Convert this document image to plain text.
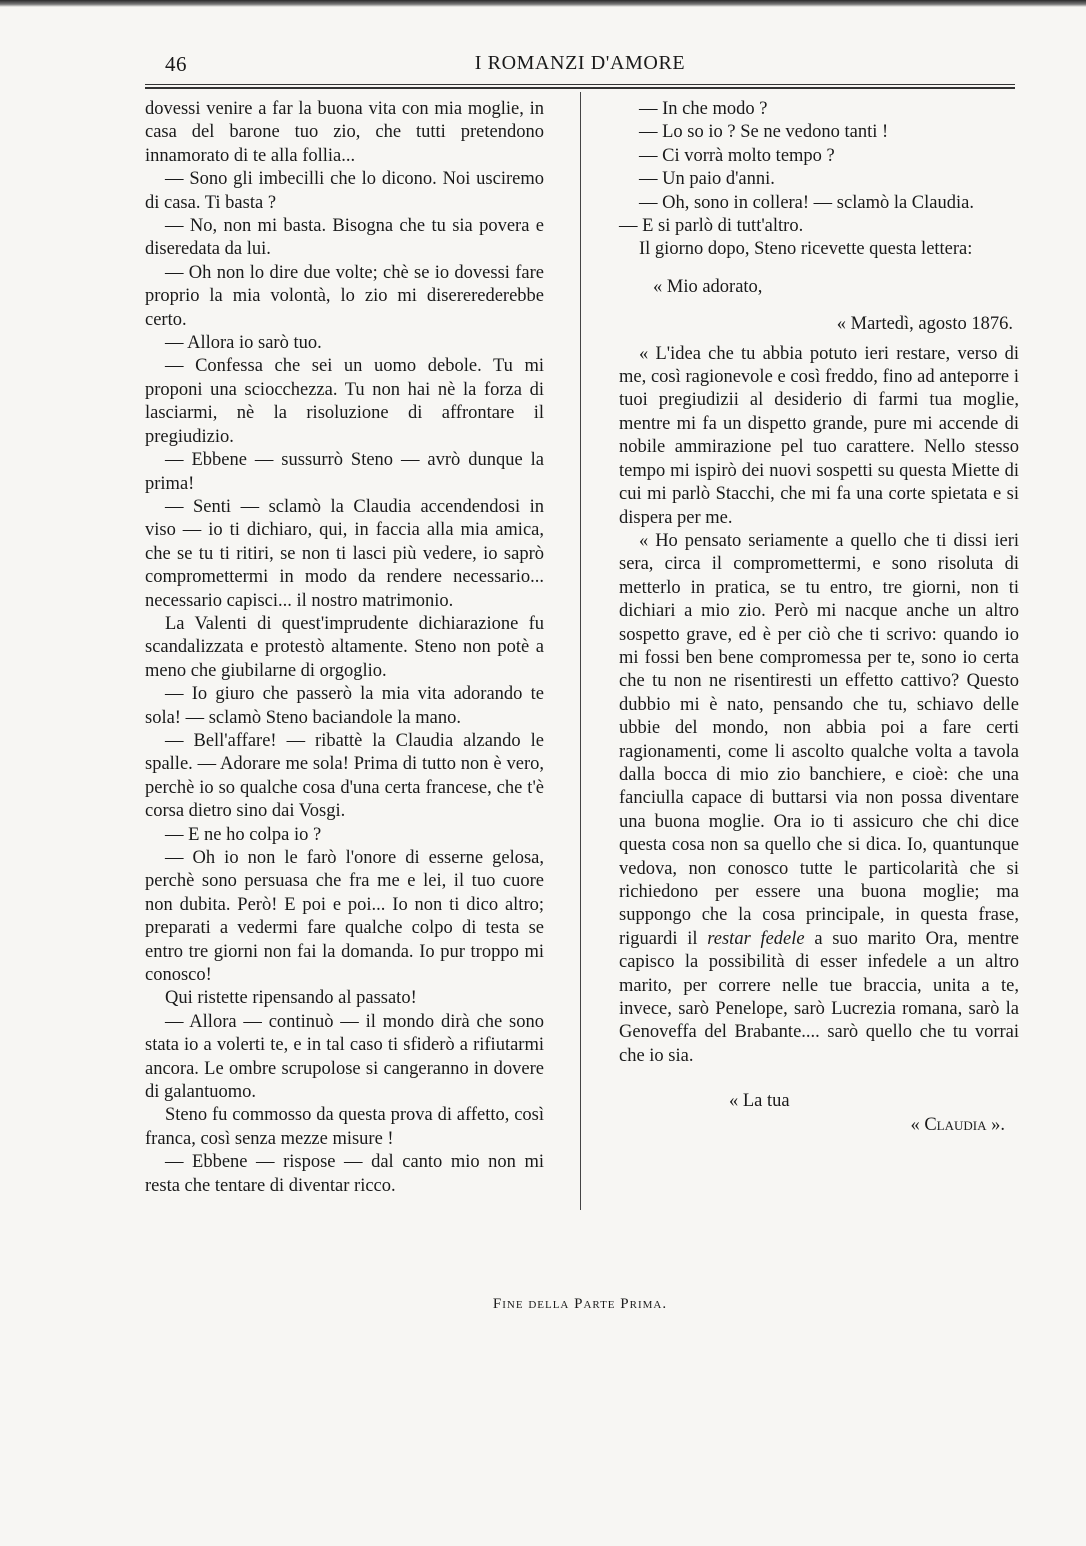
46	I ROMANZI D'AMORE

dovessi venire a far la buona vita con mia moglie, in casa del barone tuo zio, che tutti pretendono innamorato di te alla follia...

— Sono gli imbecilli che lo dicono. Noi usciremo di casa. Ti basta ?

— No, non mi basta. Bisogna che tu sia povera e diseredata da lui.

— Oh non lo dire due volte; chè se io dovessi fare proprio la mia volontà, lo zio mi disererederebbe certo.

— Allora io sarò tuo.

— Confessa che sei un uomo debole. Tu mi proponi una sciocchezza. Tu non hai nè la forza di lasciarmi, nè la risoluzione di affrontare il pregiudizio.

— Ebbene — sussurrò Steno — avrò dunque la prima!

— Senti — sclamò la Claudia accendendosi in viso — io ti dichiaro, qui, in faccia alla mia amica, che se tu ti ritiri, se non ti lasci più vedere, io saprò compromettermi in modo da rendere necessario... necessario capisci... il nostro matrimonio.

La Valenti di quest'imprudente dichiarazione fu scandalizzata e protestò altamente. Steno non potè a meno che giubilarne di orgoglio.

— Io giuro che passerò la mia vita adorando te sola! — sclamò Steno baciandole la mano.

— Bell'affare! — ribattè la Claudia alzando le spalle. — Adorare me sola! Prima di tutto non è vero, perchè io so qualche cosa d'una certa francese, che t'è corsa dietro sino dai Vosgi.

— E ne ho colpa io ?

— Oh io non le farò l'onore di esserne gelosa, perchè sono persuasa che fra me e lei, il tuo cuore non dubita. Però! E poi e poi... Io non ti dico altro; preparati a vedermi fare qualche colpo di testa se entro tre giorni non fai la domanda. Io pur troppo mi conosco!

Qui ristette ripensando al passato!

— Allora — continuò — il mondo dirà che sono stata io a volerti te, e in tal caso ti sfiderò a rifiutarmi ancora. Le ombre scrupolose si cangeranno in dovere di galantuomo.

Steno fu commosso da questa prova di affetto, così franca, così senza mezze misure !

— Ebbene — rispose — dal canto mio non mi resta che tentare di diventar ricco.

— In che modo ?

— Lo so io ? Se ne vedono tanti !

— Ci vorrà molto tempo ?

— Un paio d'anni.

— Oh, sono in collera! — sclamò la Claudia.

— E si parlò di tutt'altro.

Il giorno dopo, Steno ricevette questa lettera:

« Mio adorato,

« Martedì, agosto 1876.

« L'idea che tu abbia potuto ieri restare, verso di me, così ragionevole e così freddo, fino ad anteporre i tuoi pregiudizii al desiderio di farmi tua moglie, mentre mi fa un dispetto grande, pure mi accende di nobile ammirazione pel tuo carattere. Nello stesso tempo mi ispirò dei nuovi sospetti su questa Miette di cui mi parlò Stacchi, che mi fa una corte spietata e si dispera per me.

« Ho pensato seriamente a quello che ti dissi ieri sera, circa il compromettermi, e sono risoluta di metterlo in pratica, se tu entro, tre giorni, non ti dichiari a mio zio. Però mi nacque anche un altro sospetto grave, ed è per ciò che ti scrivo: quando io mi fossi ben bene compromessa per te, sono io certa che tu non ne risentiresti un effetto cattivo? Questo dubbio mi è nato, pensando che tu, schiavo delle ubbie del mondo, non abbia poi a fare certi ragionamenti, come li ascolto qualche volta a tavola dalla bocca di mio zio banchiere, e cioè: che una fanciulla capace di buttarsi via non possa diventare una buona moglie. Ora io ti assicuro che chi dice questa cosa non sa quello che si dica. Io, quantunque vedova, non conosco tutte le particolarità che si richiedono per essere una buona moglie; ma suppongo che la cosa principale, in questa frase, riguardi il restar fedele a suo marito Ora, mentre capisco la possibilità di esser infedele a un altro marito, per correre nelle tue braccia, unita a te, invece, sarò Penelope, sarò Lucrezia romana, sarò la Genoveffa del Brabante.... sarò quello che tu vorrai che io sia.

« La tua

« Claudia ».

Fine della Parte Prima.
